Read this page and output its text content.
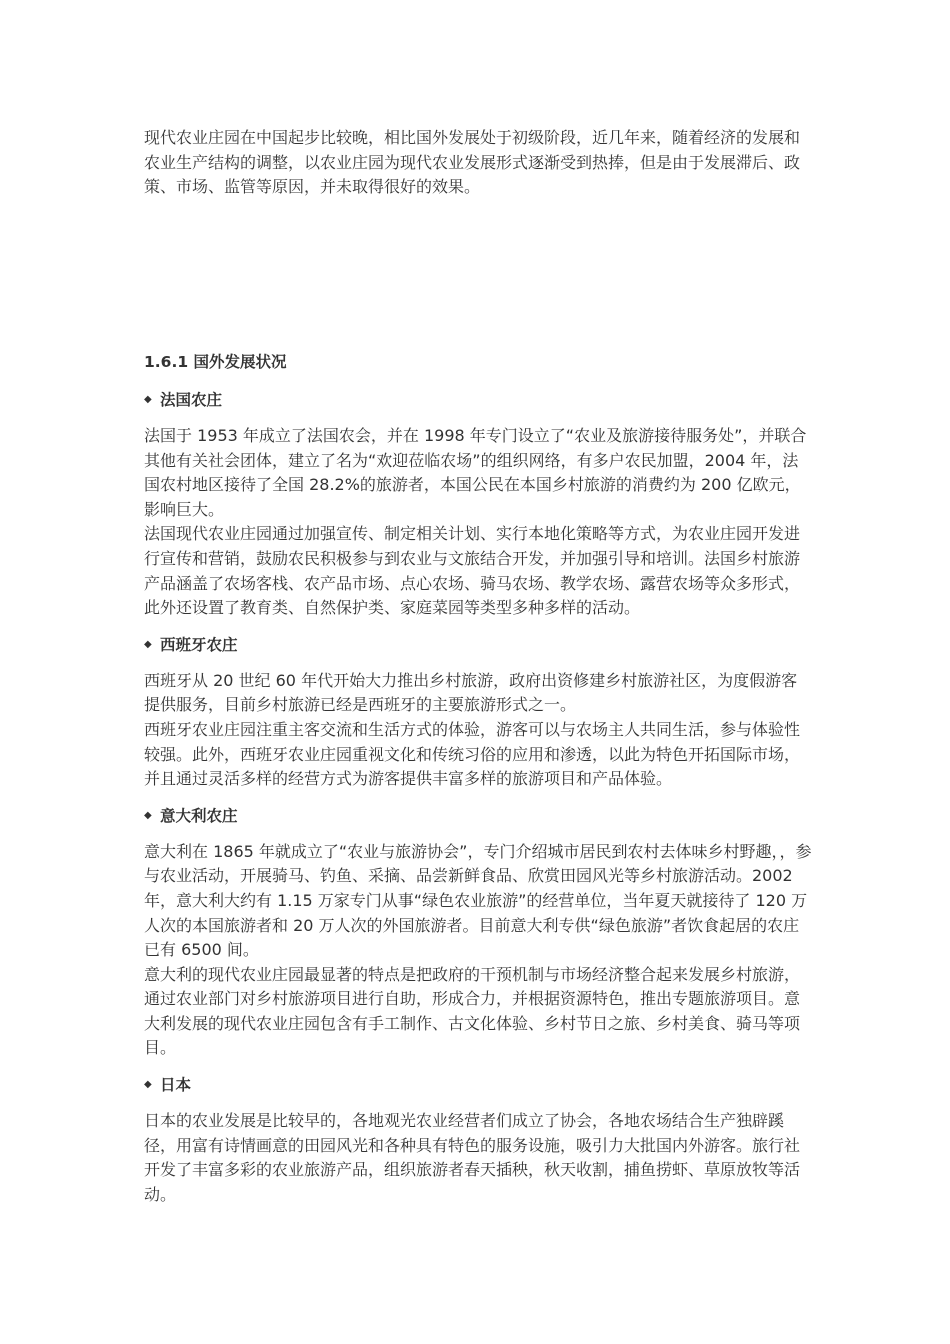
现代农业庄园在中国起步比较晚，相比国外发展处于初级阶段，近几年来，随着经济的发展和农业生产结构的调整，以农业庄园为现代农业发展形式逐渐受到热捧，但是由于发展滞后、政策、市场、监管等原因，并未取得很好的效果。

1.6.1 国外发展状况
◆ 法国农庄

法国于 1953 年成立了法国农会，并在 1998 年专门设立了“农业及旅游接待服务处”，并联合其他有关社会团体，建立了名为“欢迎莅临农场”的组织网络，有多户农民加盟，2004 年，法国农村地区接待了全国 28.2%的旅游者，本国公民在本国乡村旅游的消费约为 200 亿欧元，影响巨大。

法国现代农业庄园通过加强宣传、制定相关计划、实行本地化策略等方式，为农业庄园开发进行宣传和营销，鼓励农民积极参与到农业与文旅结合开发，并加强引导和培训。法国乡村旅游产品涵盖了农场客栈、农产品市场、点心农场、骑马农场、教学农场、露营农场等众多形式，此外还设置了教育类、自然保护类、家庭菜园等类型多种多样的活动。

◆ 西班牙农庄

西班牙从 20 世纪 60 年代开始大力推出乡村旅游，政府出资修建乡村旅游社区，为度假游客提供服务，目前乡村旅游已经是西班牙的主要旅游形式之一。

西班牙农业庄园注重主客交流和生活方式的体验，游客可以与农场主人共同生活，参与体验性较强。此外，西班牙农业庄园重视文化和传统习俗的应用和渗透，以此为特色开拓国际市场，并且通过灵活多样的经营方式为游客提供丰富多样的旅游项目和产品体验。

◆ 意大利农庄

意大利在 1865 年就成立了“农业与旅游协会”，专门介绍城市居民到农村去体味乡村野趣，，参与农业活动，开展骑马、钓鱼、采摘、品尝新鲜食品、欣赏田园风光等乡村旅游活动。2002 年，意大利大约有 1.15 万家专门从事“绿色农业旅游”的经营单位，当年夏天就接待了 120 万人次的本国旅游者和 20 万人次的外国旅游者。目前意大利专供“绿色旅游”者饮食起居的农庄已有 6500 间。

意大利的现代农业庄园最显著的特点是把政府的干预机制与市场经济整合起来发展乡村旅游，通过农业部门对乡村旅游项目进行自助，形成合力，并根据资源特色，推出专题旅游项目。意大利发展的现代农业庄园包含有手工制作、古文化体验、乡村节日之旅、乡村美食、骑马等项目。

◆ 日本

日本的农业发展是比较早的，各地观光农业经营者们成立了协会，各地农场结合生产独辟蹊径，用富有诗情画意的田园风光和各种具有特色的服务设施，吸引力大批国内外游客。旅行社开发了丰富多彩的农业旅游产品，组织旅游者春天插秧，秋天收割，捕鱼捞虾、草原放牧等活动。
